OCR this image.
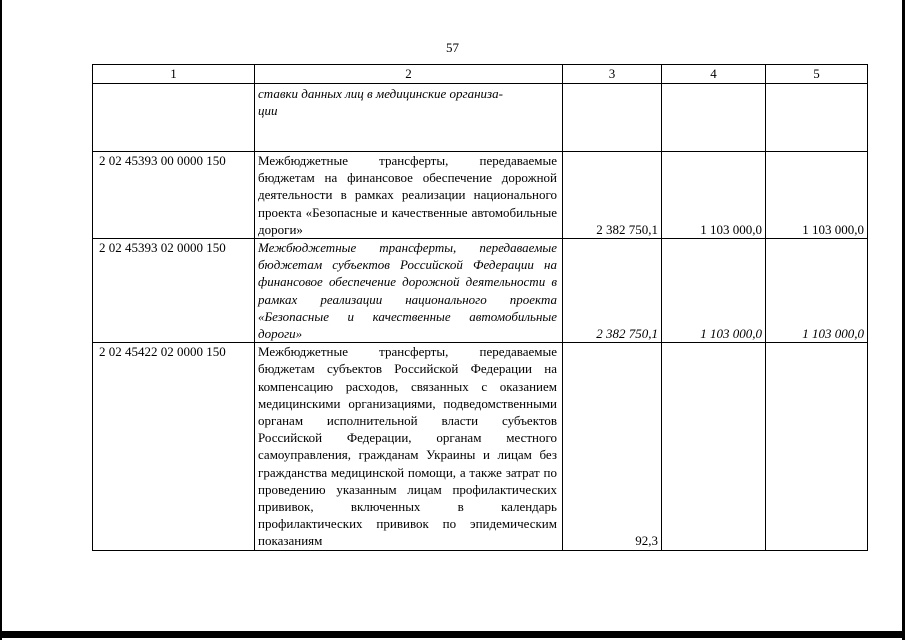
57
1	2	3	4	5
	ставки данных лиц в медицинские организа-
ции			
2 02 45393 00 0000 150	Межбюджетные трансферты, передаваемые бюджетам на финансовое обеспечение дорожной деятельности в рамках реализации национального проекта «Безопасные и качественные автомобильные дороги»	2 382 750,1	1 103 000,0	1 103 000,0
2 02 45393 02 0000 150	Межбюджетные трансферты, передаваемые бюджетам субъектов Российской Федерации на финансовое обеспечение дорожной деятельности в рамках реализации национального проекта «Безопасные и качественные автомобильные дороги»	2 382 750,1	1 103 000,0	1 103 000,0
2 02 45422 02 0000 150	Межбюджетные трансферты, передаваемые бюджетам субъектов Российской Федерации на компенсацию расходов, связанных с оказанием медицинскими организациями, подведомственными органам исполнительной власти субъектов Российской Федерации, органам местного самоуправления, гражданам Украины и лицам без гражданства медицинской помощи, а также затрат по проведению указанным лицам профилактических прививок, включенных в календарь профилактических прививок по эпидемическим показаниям	92,3		
